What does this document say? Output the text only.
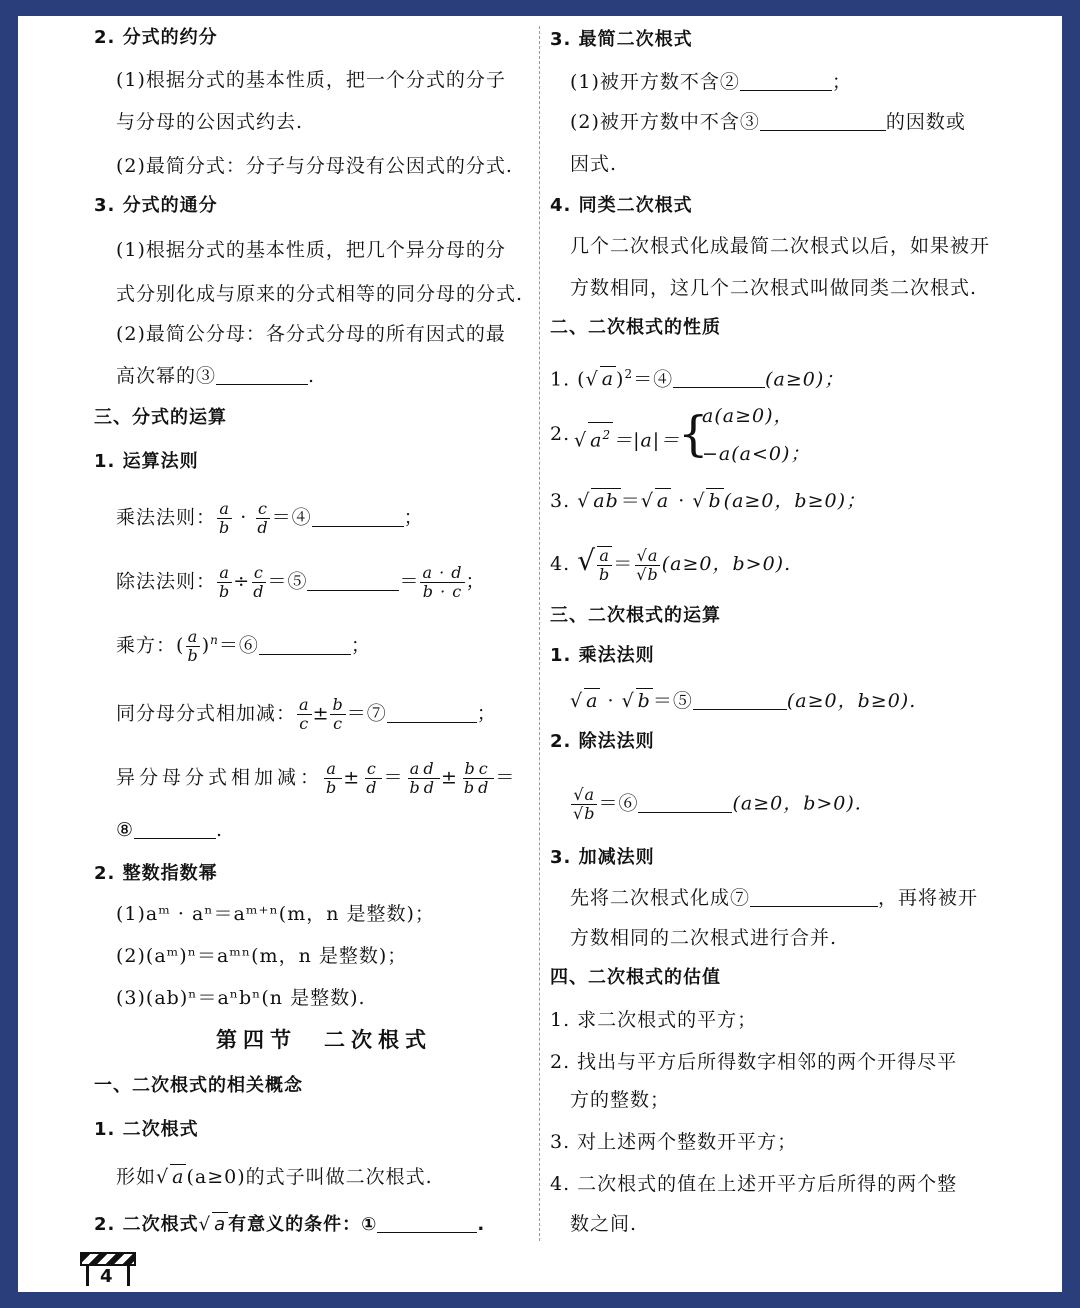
2. 分式的约分
(1)根据分式的基本性质，把一个分式的分子
与分母的公因式约去.
(2)最简分式：分子与分母没有公因式的分式.
3. 分式的通分
(1)根据分式的基本性质，把几个异分母的分
式分别化成与原来的分式相等的同分母的分式.
(2)最简公分母：各分式分母的所有因式的最
高次幂的③	.
三、分式的运算
1. 运算法则
乘法法则： $\frac{a}{b} \cdot \frac{c}{d}$ ＝④	；
除法法则： $\frac{a}{b} \div \frac{c}{d}$ ＝⑤	＝ $\frac{a \cdot d}{b \cdot c}$ ；
乘方：( $\frac{a}{b}$ )$^n$＝⑥	；
同分母分式相加减： $\frac{a}{c} \pm \frac{b}{c}$ ＝⑦	；
异分母分式相加减： $\frac{a}{b} \pm \frac{c}{d} = \frac{ad}{bd} \pm \frac{bc}{bd}$ ＝
⑧	.
2. 整数指数幂
(1)aᵐ · aⁿ＝aᵐ⁺ⁿ(m，n 是整数)；
(2)(aᵐ)ⁿ＝aᵐⁿ(m，n 是整数)；
(3)(ab)ⁿ＝aⁿbⁿ(n 是整数).
第四节　二次根式
一、二次根式的相关概念
1. 二次根式
形如√ a (a≥0)的式子叫做二次根式.
2. 二次根式√ a 有意义的条件：①	.
3. 最简二次根式
(1)被开方数不含②	；
(2)被开方数中不含③	的因数或
因式.
4. 同类二次根式
几个二次根式化成最简二次根式以后，如果被开
方数相同，这几个二次根式叫做同类二次根式.
二、二次根式的性质
1. (√ a )$^2$＝④	(a≥0)；
2. √ $a^2 =|a|=$
{
a(a≥0)，
−a(a<0)；
3. √ ab ＝√ a · √ b (a≥0，b≥0)；
4. √ $\frac{a}{b} = \frac{√a}{√b} (a\ge 0$，b>0).
三、二次根式的运算
1. 乘法法则
√ a · √ b ＝⑤	(a≥0，b≥0).
2. 除法法则
$\frac{√a}{√b}$ ＝⑥	(a≥0，b>0).
3. 加减法则
先将二次根式化成⑦	，再将被开
方数相同的二次根式进行合并.
四、二次根式的估值
1. 求二次根式的平方；
2. 找出与平方后所得数字相邻的两个开得尽平
方的整数；
3. 对上述两个整数开平方；
4. 二次根式的值在上述开平方后所得的两个整
数之间.
4
